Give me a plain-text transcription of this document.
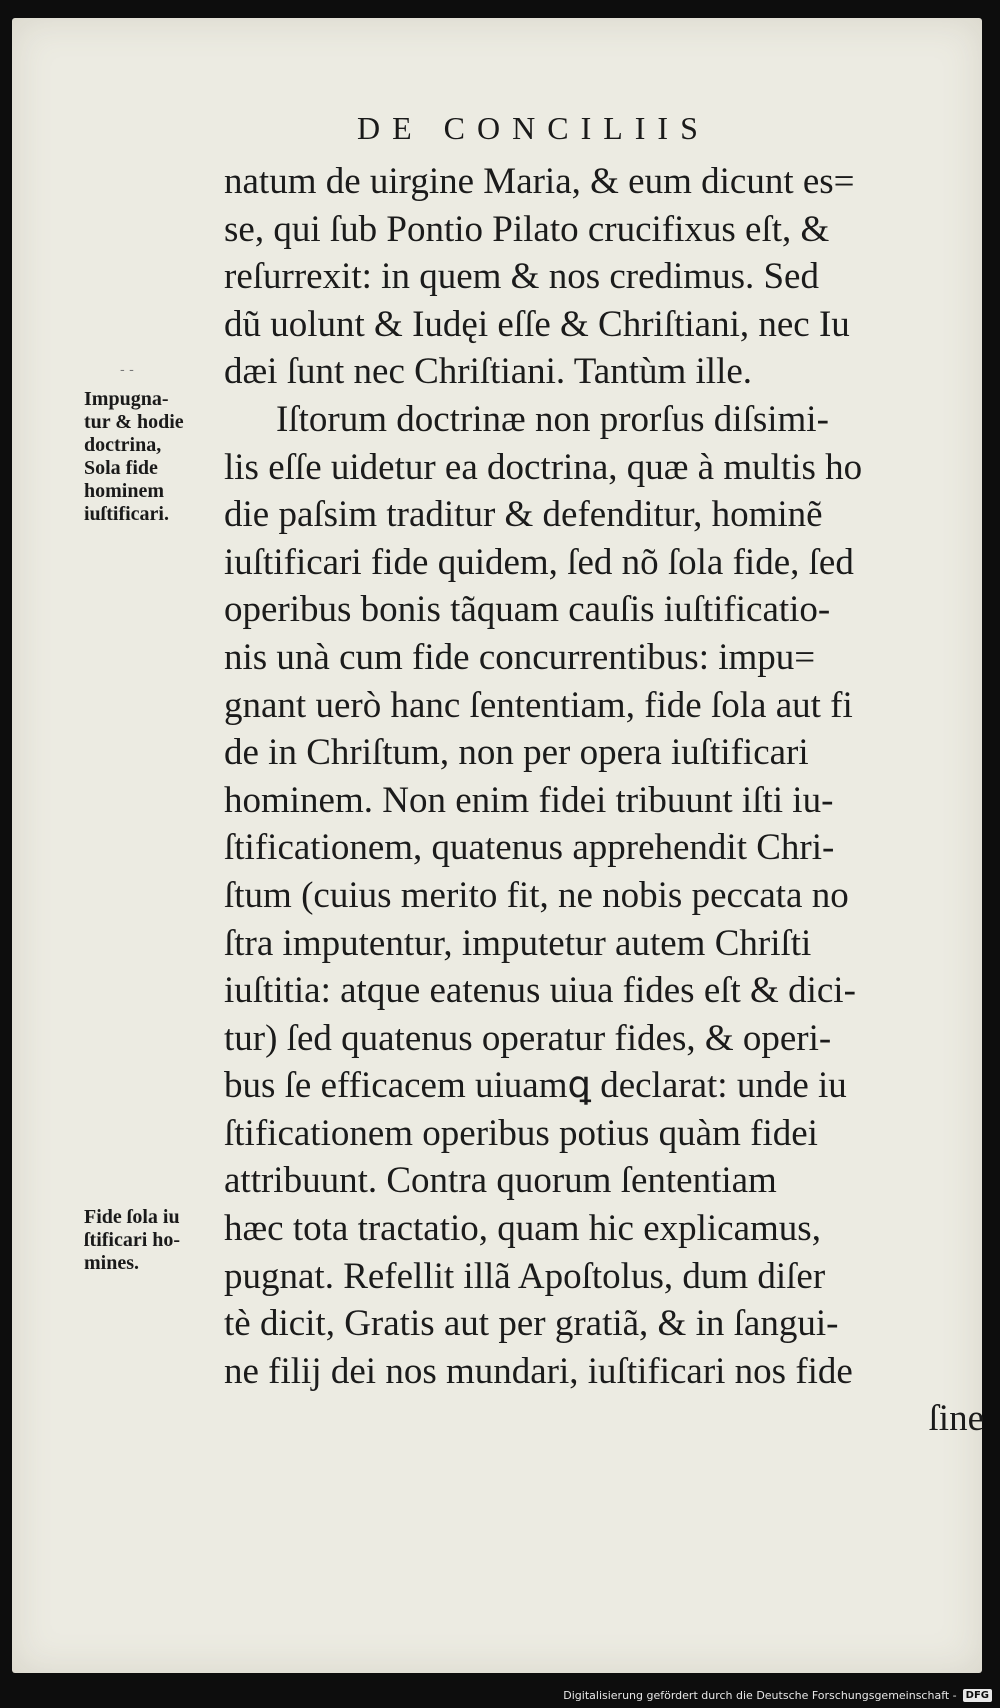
DE CONCILIIS
- -
Impugna-
tur & hodie
doctrina,
Sola fide
hominem
iuſtificari.
Fide ſola iu
ſtificari ho-
mines.
natum de uirgine Maria, & eum dicunt es=
se, qui ſub Pontio Pilato crucifixus eſt, &
reſurrexit: in quem & nos credimus. Sed
dũ uolunt & Iudęi eſſe & Chriſtiani, nec Iu
dæi ſunt nec Chriſtiani. Tantùm ille.
Iſtorum doctrinæ non prorſus diſsimi-
lis eſſe uidetur ea doctrina, quæ à multis ho
die paſsim traditur & defenditur, hominẽ
iuſtificari fide quidem, ſed nõ ſola fide, ſed
operibus bonis tãquam cauſis iuſtificatio-
nis unà cum fide concurrentibus: impu=
gnant uerò hanc ſententiam, fide ſola aut fi
de in Chriſtum, non per opera iuſtificari
hominem. Non enim fidei tribuunt iſti iu-
ſtificationem, quatenus apprehendit Chri-
ſtum (cuius merito fit, ne nobis peccata no
ſtra imputentur, imputetur autem Chriſti
iuſtitia: atque eatenus uiua fides eſt & dici-
tur) ſed quatenus operatur fides, & operi-
bus ſe efficacem uiuamꝗ declarat: unde iu
ſtificationem operibus potius quàm fidei
attribuunt. Contra quorum ſententiam
hæc tota tractatio, quam hic explicamus,
pugnat. Refellit illã Apoſtolus, dum diſer
tè dicit, Gratis aut per gratiã, & in ſangui-
ne filij dei nos mundari, iuſtificari nos fide
ſine
Digitalisierung gefördert durch die Deutsche Forschungsgemeinschaft - DFG
